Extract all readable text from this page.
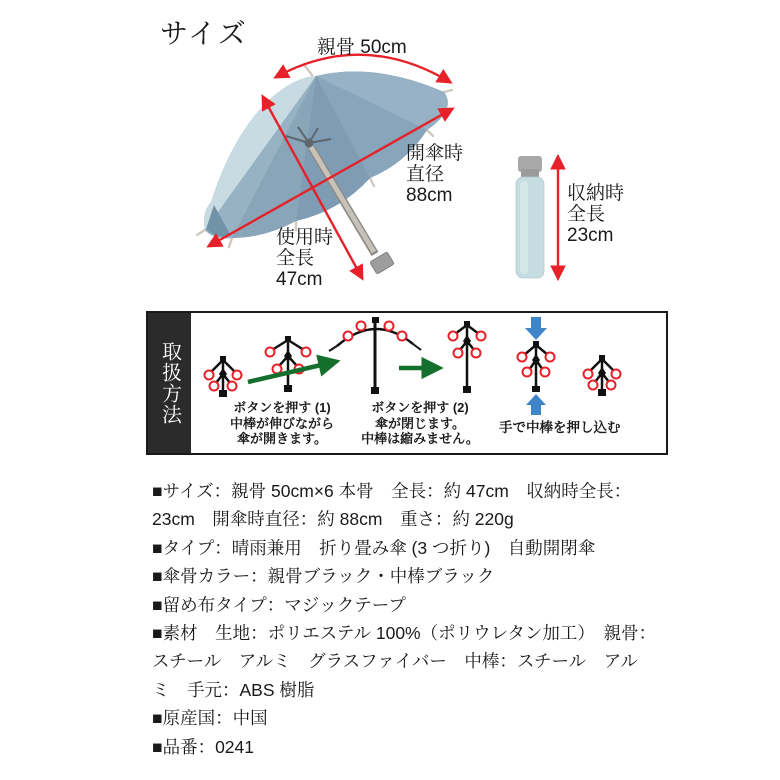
サイズ	親骨 50cm
開傘時
直径
88cm
使用時
全長
47cm
収納時
全長
23cm
取扱方法	ボタンを押す (1)
中棒が伸びながら
傘が開きます。
ボタンを押す (2)
傘が閉じます。
中棒は縮みません。
手で中棒を押し込む
■サイズ：親骨 50cm×6 本骨　全長：約 47cm　収納時全長：
23cm　開傘時直径：約 88cm　重さ：約 220g
■タイプ：晴雨兼用　折り畳み傘 (3 つ折り)　自動開閉傘
■傘骨カラー：親骨ブラック・中棒ブラック
■留め布タイプ：マジックテープ
■素材　生地：ポリエステル 100%（ポリウレタン加工）　親骨：
スチール　アルミ　グラスファイバー　中棒：スチール　アル
ミ　手元：ABS 樹脂
■原産国：中国
■品番：0241
